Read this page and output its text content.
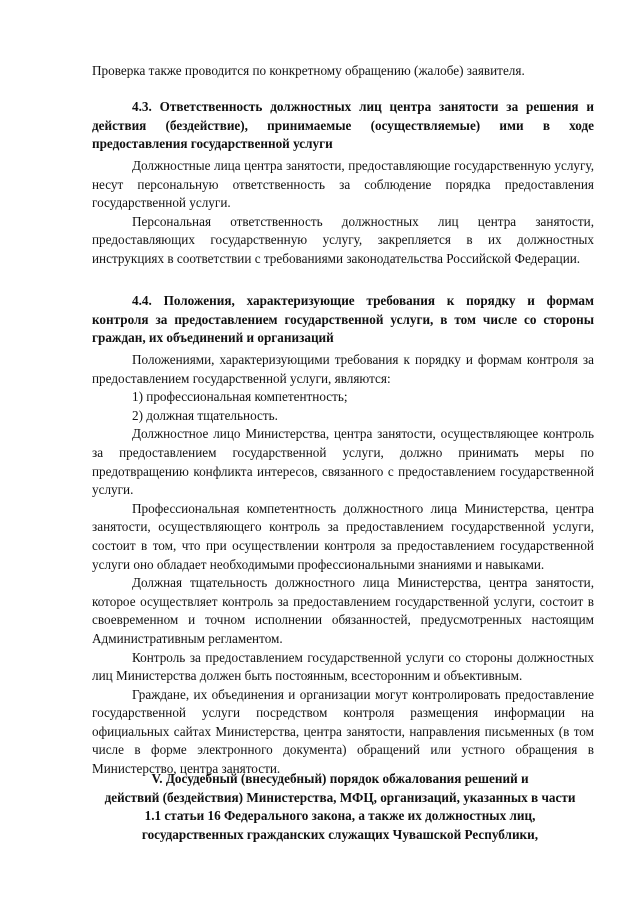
Проверка также проводится по конкретному обращению (жалобе) заявителя.

4.3. Ответственность должностных лиц центра занятости за решения и действия (бездействие), принимаемые (осуществляемые) ими в ходе предоставления государственной услуги

Должностные лица центра занятости, предоставляющие государственную услугу, несут персональную ответственность за соблюдение порядка предоставления государственной услуги.

Персональная ответственность должностных лиц центра занятости, предоставляющих государственную услугу, закрепляется в их должностных инструкциях в соответствии с требованиями законодательства Российской Федерации.

4.4. Положения, характеризующие требования к порядку и формам контроля за предоставлением государственной услуги, в том числе со стороны граждан, их объединений и организаций

Положениями, характеризующими требования к порядку и формам контроля за предоставлением государственной услуги, являются:

1) профессиональная компетентность;

2) должная тщательность.

Должностное лицо Министерства, центра занятости, осуществляющее контроль за предоставлением государственной услуги, должно принимать меры по предотвращению конфликта интересов, связанного с предоставлением государственной услуги.

Профессиональная компетентность должностного лица Министерства, центра занятости, осуществляющего контроль за предоставлением государственной услуги, состоит в том, что при осуществлении контроля за предоставлением государственной услуги оно обладает необходимыми профессиональными знаниями и навыками.

Должная тщательность должностного лица Министерства, центра занятости, которое осуществляет контроль за предоставлением государственной услуги, состоит в своевременном и точном исполнении обязанностей, предусмотренных настоящим Административным регламентом.

Контроль за предоставлением государственной услуги со стороны должностных лиц Министерства должен быть постоянным, всесторонним и объективным.

Граждане, их объединения и организации могут контролировать предоставление государственной услуги посредством контроля размещения информации на официальных сайтах Министерства, центра занятости, направления письменных (в том числе в форме электронного документа) обращений или устного обращения в Министерство, центра занятости.

V. Досудебный (внесудебный) порядок обжалования решений и

действий (бездействия) Министерства, МФЦ, организаций, указанных в части

1.1 статьи 16 Федерального закона, а также их должностных лиц,

государственных гражданских служащих Чувашской Республики,
